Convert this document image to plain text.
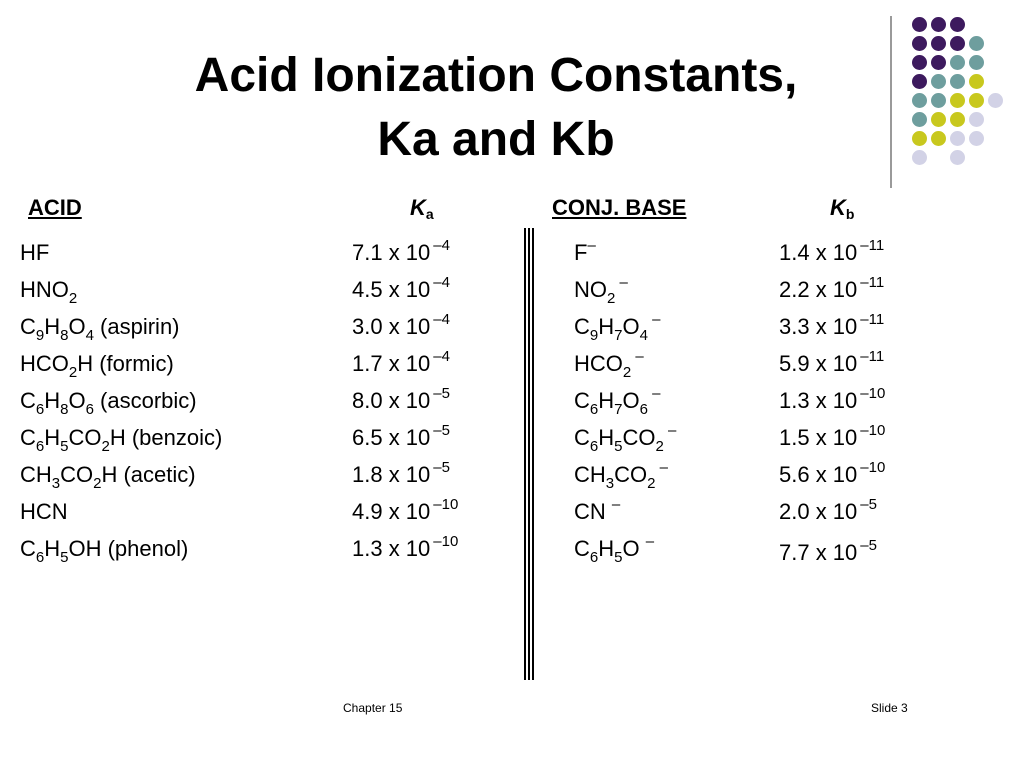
Acid Ionization Constants,
Ka and Kb
ACID	$K_a$	CONJ. BASE	$K_b$
HF	7.1 x 10 $^{-4}$	F–	1.4 x 10 $^{-11}$
$HNO_2$	4.5 x 10 $^{-4}$	$NO_2$ –	2.2 x 10 $^{-11}$
$C_9H_8O_4$ (aspirin)	3.0 x 10 $^{-4}$	$C_9H_7O_4$ –	3.3 x 10 $^{-11}$
$HCO_2H$ (formic)	1.7 x 10 $^{-4}$	$HCO_2$ –	5.9 x 10 $^{-11}$
$C_6H_8O_6$ (ascorbic)	8.0 x 10 $^{-5}$	$C_6H_7O_6$ –	1.3 x 10 $^{-10}$
$C_6H_5CO_2H$ (benzoic)	6.5 x 10 $^{-5}$	$C_6H_5CO_2$ –	1.5 x 10 $^{-10}$
$CH_3CO_2H$ (acetic)	1.8 x 10 $^{-5}$	$CH_3CO_2$ –	5.6 x 10 $^{-10}$
HCN	4.9 x 10 $^{-10}$	CN –	2.0 x 10 $^{-5}$
$C_6H_5OH$ (phenol)	1.3 x 10 $^{-10}$	$C_6H_5O$ –	7.7 x 10 $^{-5}$
Chapter 15	Slide 3
